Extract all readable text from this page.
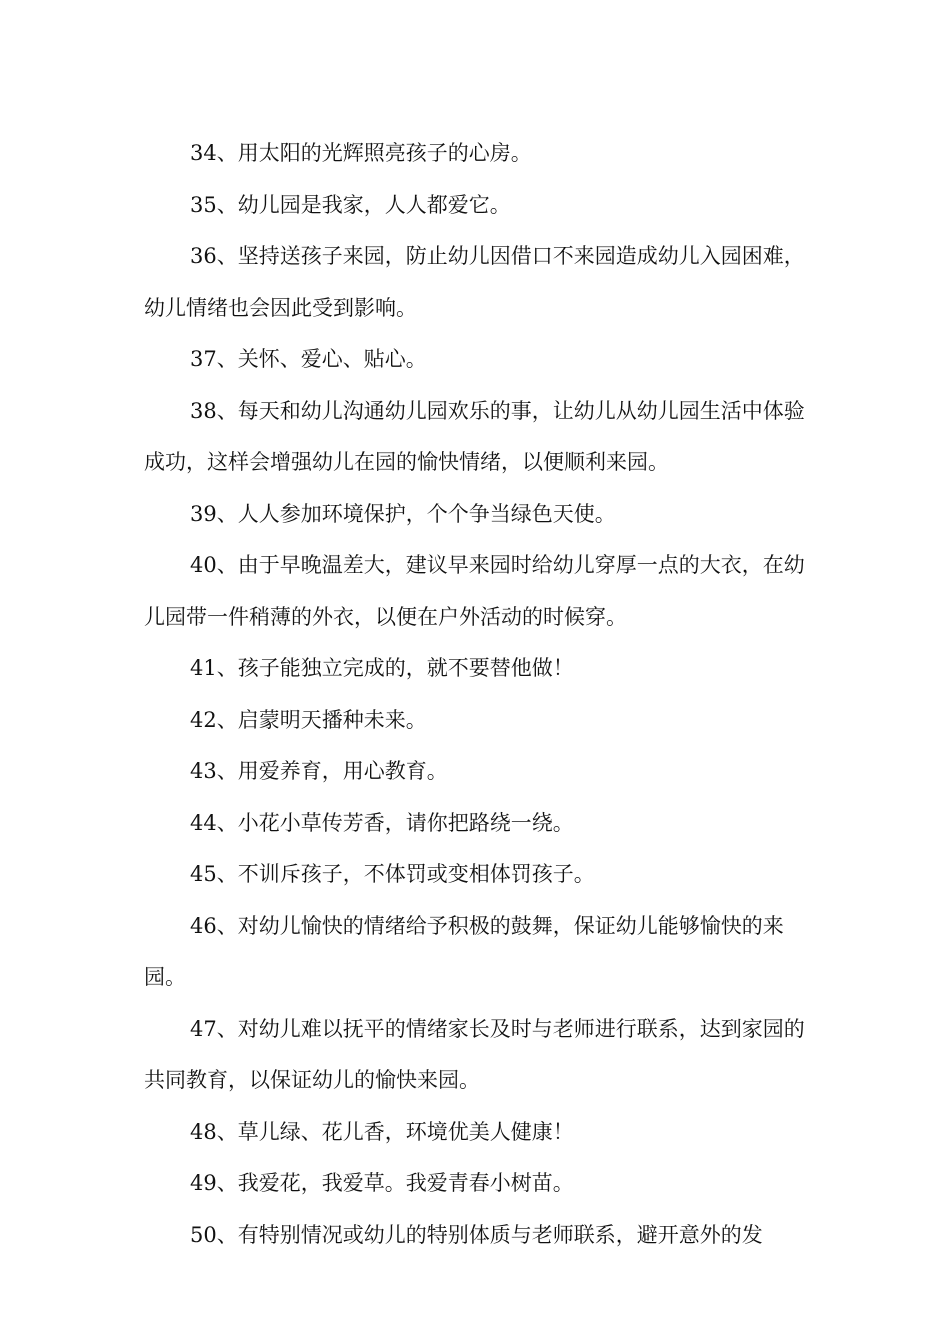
34、用太阳的光辉照亮孩子的心房。

35、幼儿园是我家，人人都爱它。

36、坚持送孩子来园，防止幼儿因借口不来园造成幼儿入园困难，幼儿情绪也会因此受到影响。

37、关怀、爱心、贴心。

38、每天和幼儿沟通幼儿园欢乐的事，让幼儿从幼儿园生活中体验成功，这样会增强幼儿在园的愉快情绪，以便顺利来园。

39、人人参加环境保护，个个争当绿色天使。

40、由于早晚温差大，建议早来园时给幼儿穿厚一点的大衣，在幼儿园带一件稍薄的外衣，以便在户外活动的时候穿。

41、孩子能独立完成的，就不要替他做！

42、启蒙明天播种未来。

43、用爱养育，用心教育。

44、小花小草传芳香，请你把路绕一绕。

45、不训斥孩子，不体罚或变相体罚孩子。

46、对幼儿愉快的情绪给予积极的鼓舞，保证幼儿能够愉快的来园。

47、对幼儿难以抚平的情绪家长及时与老师进行联系，达到家园的共同教育，以保证幼儿的愉快来园。

48、草儿绿、花儿香，环境优美人健康！

49、我爱花，我爱草。我爱青春小树苗。

50、有特别情况或幼儿的特别体质与老师联系，避开意外的发
